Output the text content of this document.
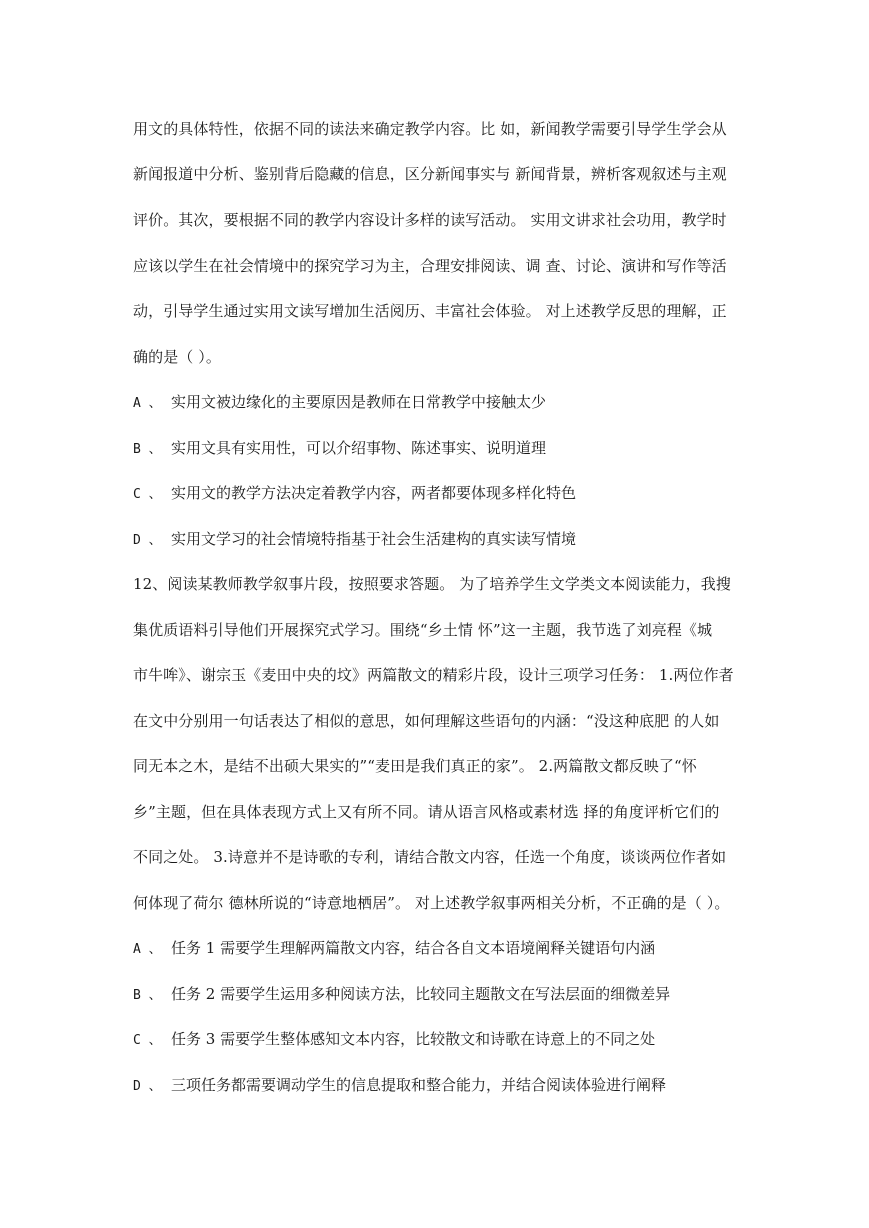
用文的具体特性，依据不同的读法来确定教学内容。比 如，新闻教学需要引导学生学会从
新闻报道中分析、鉴别背后隐藏的信息，区分新闻事实与 新闻背景，辨析客观叙述与主观
评价。其次，要根据不同的教学内容设计多样的读写活动。 实用文讲求社会功用，教学时
应该以学生在社会情境中的探究学习为主，合理安排阅读、调 查、讨论、演讲和写作等活
动，引导学生通过实用文读写增加生活阅历、丰富社会体验。 对上述教学反思的理解，正
确的是（ ）。
A 、 实用文被边缘化的主要原因是教师在日常教学中接触太少
B 、 实用文具有实用性，可以介绍事物、陈述事实、说明道理
C 、 实用文的教学方法决定着教学内容，两者都要体现多样化特色
D 、 实用文学习的社会情境特指基于社会生活建构的真实读写情境
12、阅读某教师教学叙事片段，按照要求答题。 为了培养学生文学类文本阅读能力，我搜
集优质语料引导他们开展探究式学习。围绕“乡土情 怀”这一主题，我节选了刘亮程《城
市牛哞》、谢宗玉《麦田中央的坟》两篇散文的精彩片段，设计三项学习任务： 1.两位作者
在文中分别用一句话表达了相似的意思，如何理解这些语句的内涵：“没这种底肥 的人如
同无本之木，是结不出硕大果实的”“麦田是我们真正的家”。 2.两篇散文都反映了“怀
乡”主题，但在具体表现方式上又有所不同。请从语言风格或素材选 择的角度评析它们的
不同之处。 3.诗意并不是诗歌的专利，请结合散文内容，任选一个角度，谈谈两位作者如
何体现了荷尔 德林所说的“诗意地栖居”。 对上述教学叙事两相关分析，不正确的是（ ）。
A 、 任务 1 需要学生理解两篇散文内容，结合各自文本语境阐释关键语句内涵
B 、 任务 2 需要学生运用多种阅读方法，比较同主题散文在写法层面的细微差异
C 、 任务 3 需要学生整体感知文本内容，比较散文和诗歌在诗意上的不同之处
D 、 三项任务都需要调动学生的信息提取和整合能力，并结合阅读体验进行阐释
